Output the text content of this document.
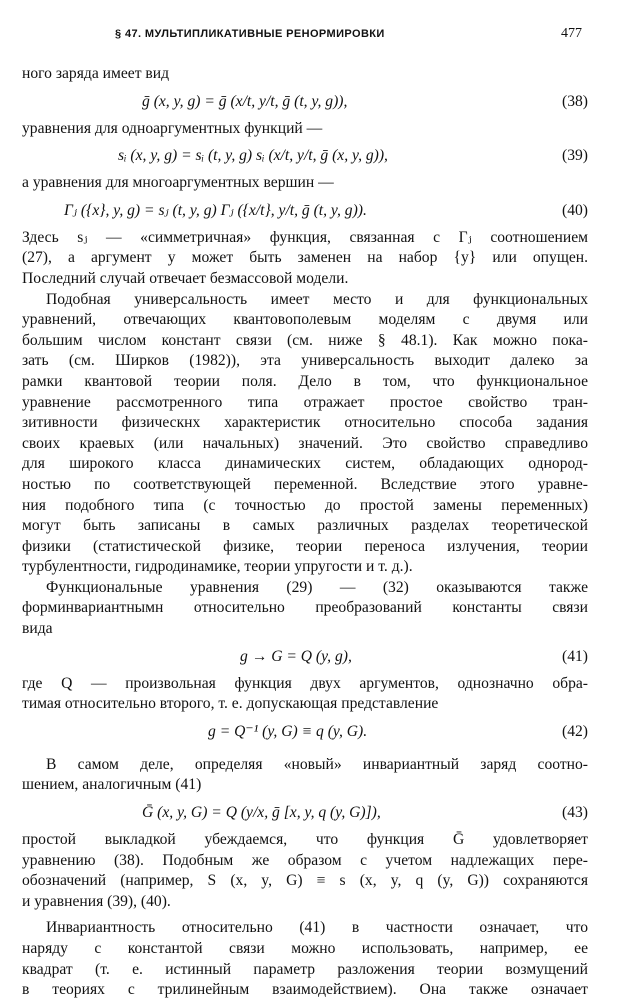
§ 47. МУЛЬТИПЛИКАТИВНЫЕ РЕНОРМИРОВКИ	477
ного заряда имеет вид
ḡ (x, y, g) = ḡ (x/t, y/t, ḡ (t, y, g)),	(38)
уравнения для одноаргументных функций —
sᵢ (x, y, g) = sᵢ (t, y, g) sᵢ (x/t, y/t, ḡ (x, y, g)),	(39)
а уравнения для многоаргументных вершин —
Γⱼ ({x}, y, g) = sⱼ (t, y, g) Γⱼ ({x/t}, y/t, ḡ (t, y, g)).	(40)
Здесь sⱼ — «симметричная» функция, связанная с Γⱼ соотношением
(27), а аргумент y может быть заменен на набор {y} или опущен.
Последний случай отвечает безмассовой модели.
Подобная универсальность имеет место и для функциональных
уравнений, отвечающих квантовополевым моделям с двумя или
большим числом констант связи (см. ниже § 48.1). Как можно пока-
зать (см. Ширков (1982)), эта универсальность выходит далеко за
рамки квантовой теории поля. Дело в том, что функциональное
уравнение рассмотренного типа отражает простое свойство тран-
зитивности физическнх характеристик относительно способа задания
своих краевых (или начальных) значений. Это свойство справедливо
для широкого класса динамических систем, обладающих однород-
ностью по соответствующей переменной. Вследствие этого уравне-
ния подобного типа (с точностью до простой замены переменных)
могут быть записаны в самых различных разделах теоретической
физики (статистической физике, теории переноса излучения, теории
турбулентности, гидродинамике, теории упругости и т. д.).
Функциональные уравнения (29) — (32) оказываются также
форминвариантнымн относительно преобразований константы связи
вида
g → G = Q (y, g),	(41)
где Q — произвольная функция двух аргументов, однозначно обра-
тимая относительно второго, т. е. допускающая представление
g = Q⁻¹ (y, G) ≡ q (y, G).	(42)
В самом деле, определяя «новый» инвариантный заряд соотно-
шением, аналогичным (41)
Ḡ (x, y, G) = Q (y/x, ḡ [x, y, q (y, G)]),	(43)
простой выкладкой убеждаемся, что функция Ḡ удовлетворяет
уравнению (38). Подобным же образом с учетом надлежащих пере-
обозначений (например, S (x, y, G) ≡ s (x, y, q (y, G)) сохраняются
и уравнения (39), (40).
Инвариантность относительно (41) в частности означает, что
наряду с константой связи можно использовать, например, ее
квадрат (т. е. истинный параметр разложения теории возмущений
в теориях с трилинейным взаимодействием). Она также означает
